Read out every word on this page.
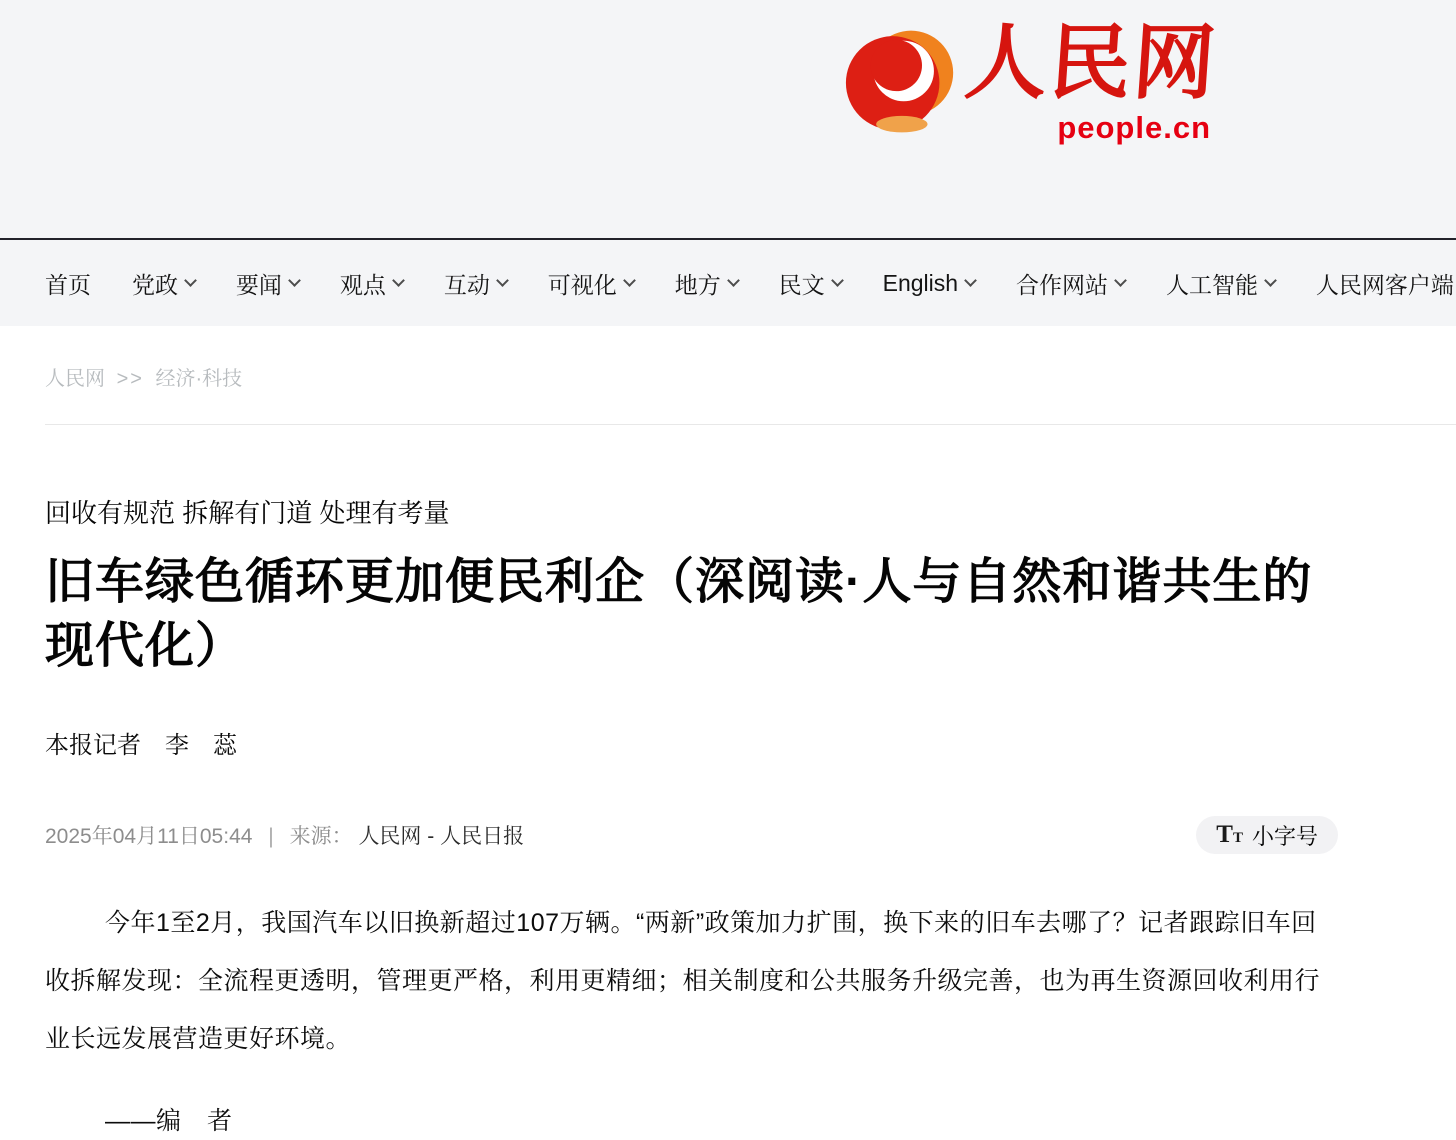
人民网
people.cn
首页 党政	要闻	观点	互动	可视化	地方	民文	English	合作网站	人工智能	人民网客户端
人民网 >> 经济·科技
回收有规范 拆解有门道 处理有考量
旧车绿色循环更加便民利企（深阅读·人与自然和谐共生的现代化）
本报记者　李　蕊
2025年04月11日05:44 | 来源： 人民网 - 人民日报	T T 小字号

今年1至2月，我国汽车以旧换新超过107万辆。“两新”政策加力扩围，换下来的旧车去哪了？记者跟踪旧车回收拆解发现：全流程更透明，管理更严格，利用更精细；相关制度和公共服务升级完善，也为再生资源回收利用行业长远发展营造更好环境。

——编　者
